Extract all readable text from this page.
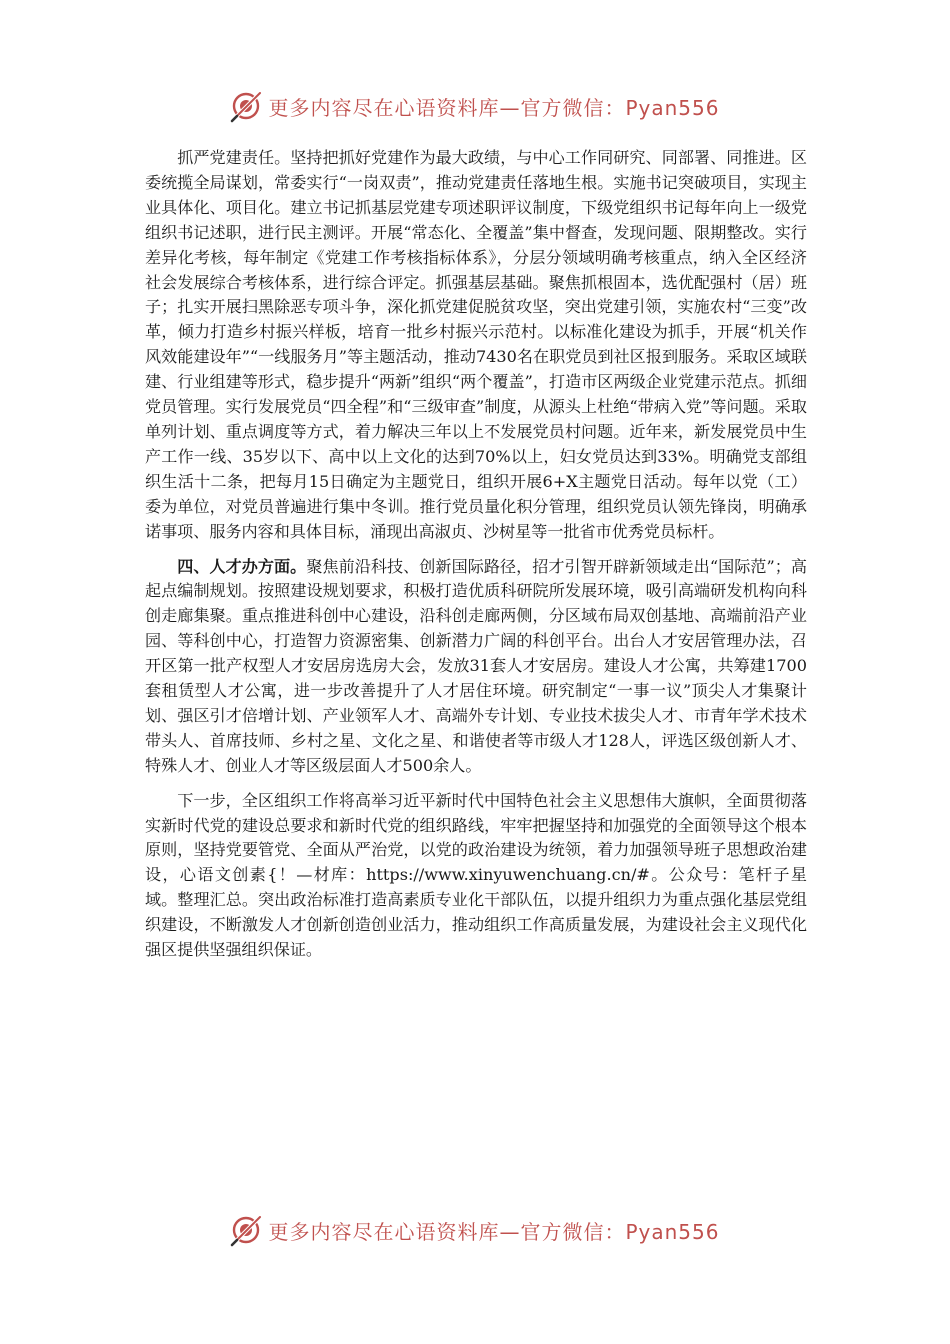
更多内容尽在心语资料库—官方微信：Pyan556

抓严党建责任。坚持把抓好党建作为最大政绩，与中心工作同研究、同部署、同推进。区委统揽全局谋划，常委实行“一岗双责”，推动党建责任落地生根。实施书记突破项目，实现主业具体化、项目化。建立书记抓基层党建专项述职评议制度，下级党组织书记每年向上一级党组织书记述职，进行民主测评。开展“常态化、全覆盖”集中督查，发现问题、限期整改。实行差异化考核，每年制定《党建工作考核指标体系》，分层分领域明确考核重点，纳入全区经济社会发展综合考核体系，进行综合评定。抓强基层基础。聚焦抓根固本，选优配强村（居）班子；扎实开展扫黑除恶专项斗争，深化抓党建促脱贫攻坚，突出党建引领，实施农村“三变”改革，倾力打造乡村振兴样板，培育一批乡村振兴示范村。以标准化建设为抓手，开展“机关作风效能建设年”“一线服务月”等主题活动，推动7430名在职党员到社区报到服务。采取区域联建、行业组建等形式，稳步提升“两新”组织“两个覆盖”，打造市区两级企业党建示范点。抓细党员管理。实行发展党员“四全程”和“三级审查”制度，从源头上杜绝“带病入党”等问题。采取单列计划、重点调度等方式，着力解决三年以上不发展党员村问题。近年来，新发展党员中生产工作一线、35岁以下、高中以上文化的达到70%以上，妇女党员达到33%。明确党支部组织生活十二条，把每月15日确定为主题党日，组织开展6+X主题党日活动。每年以党（工）委为单位，对党员普遍进行集中冬训。推行党员量化积分管理，组织党员认领先锋岗，明确承诺事项、服务内容和具体目标，涌现出高淑贞、沙树星等一批省市优秀党员标杆。

四、人才办方面。聚焦前沿科技、创新国际路径，招才引智开辟新领域走出“国际范”；高起点编制规划。按照建设规划要求，积极打造优质科研院所发展环境，吸引高端研发机构向科创走廊集聚。重点推进科创中心建设，沿科创走廊两侧，分区域布局双创基地、高端前沿产业园、等科创中心，打造智力资源密集、创新潜力广阔的科创平台。出台人才安居管理办法，召开区第一批产权型人才安居房选房大会，发放31套人才安居房。建设人才公寓，共筹建1700套租赁型人才公寓，进一步改善提升了人才居住环境。研究制定“一事一议”顶尖人才集聚计划、强区引才倍增计划、产业领军人才、高端外专计划、专业技术拔尖人才、市青年学术技术带头人、首席技师、乡村之星、文化之星、和谐使者等市级人才128人，评选区级创新人才、特殊人才、创业人才等区级层面人才500余人。

下一步，全区组织工作将高举习近平新时代中国特色社会主义思想伟大旗帜，全面贯彻落实新时代党的建设总要求和新时代党的组织路线，牢牢把握坚持和加强党的全面领导这个根本原则，坚持党要管党、全面从严治党，以党的政治建设为统领，着力加强领导班子思想政治建设，心语文创素{！—材库：https://www.xinyuwenchuang.cn/#。公众号：笔杆子星域。整理汇总。突出政治标准打造高素质专业化干部队伍，以提升组织力为重点强化基层党组织建设，不断激发人才创新创造创业活力，推动组织工作高质量发展，为建设社会主义现代化强区提供坚强组织保证。

更多内容尽在心语资料库—官方微信：Pyan556
